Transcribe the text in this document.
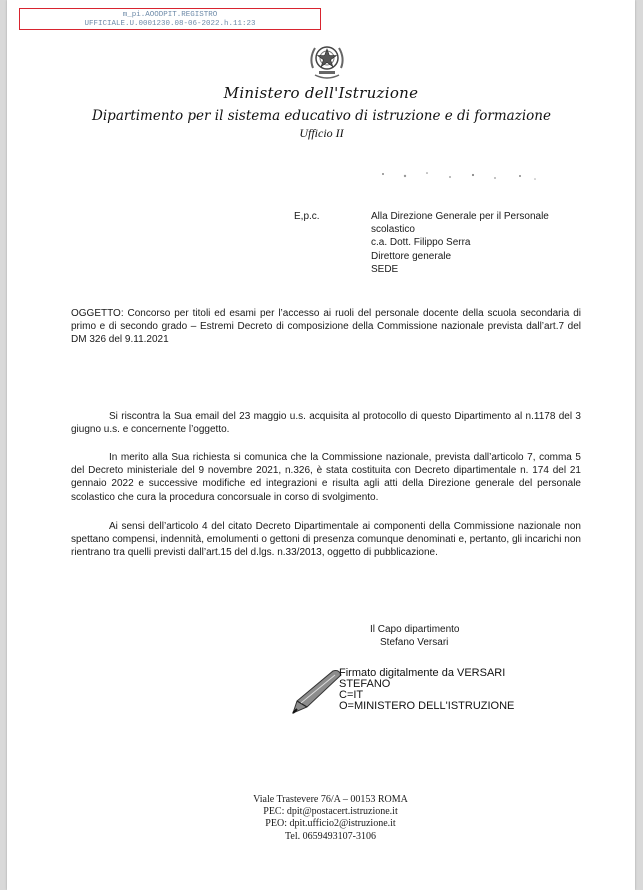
m_pi.AOODPIT.REGISTRO
UFFICIALE.U.0001230.08-06-2022.h.11:23
Ministero dell'Istruzione
Dipartimento per il sistema educativo di istruzione e di formazione
Ufficio II
E,p.c.	Alla Direzione Generale per il Personale
scolastico
c.a. Dott. Filippo Serra
Direttore generale
SEDE
OGGETTO: Concorso per titoli ed esami per l’accesso ai ruoli del personale docente della scuola secondaria di primo e di secondo grado – Estremi Decreto di composizione della Commissione nazionale prevista dall’art.7 del DM 326 del 9.11.2021
Si riscontra la Sua email del 23 maggio u.s. acquisita al protocollo di questo Dipartimento al n.1178 del 3 giugno u.s. e concernente l’oggetto.
In merito alla Sua richiesta si comunica che la Commissione nazionale, prevista dall’articolo 7, comma 5 del Decreto ministeriale del 9 novembre 2021, n.326, è stata costituita con Decreto dipartimentale n. 174 del 21 gennaio 2022 e successive modifiche ed integrazioni e risulta agli atti della Direzione generale del personale scolastico che cura la procedura concorsuale in corso di svolgimento.
Ai sensi dell’articolo 4 del citato Decreto Dipartimentale ai componenti della Commissione nazionale non spettano compensi, indennità, emolumenti o gettoni di presenza comunque denominati e, pertanto, gli incarichi non rientrano tra quelli previsti dall’art.15 del d.lgs. n.33/2013, oggetto di pubblicazione.
Il Capo dipartimento
Stefano Versari
Firmato digitalmente da VERSARI
STEFANO
C=IT
O=MINISTERO DELL'ISTRUZIONE
Viale Trastevere 76/A – 00153 ROMA
PEC: dpit@postacert.istruzione.it
PEO: dpit.ufficio2@istruzione.it
Tel. 0659493107-3106
